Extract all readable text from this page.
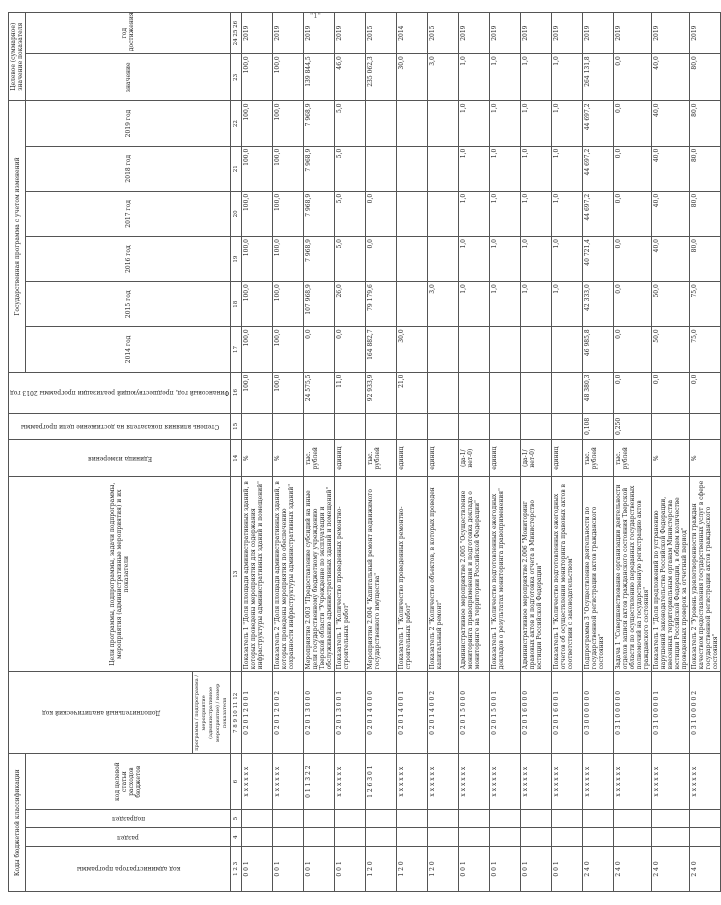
"1"
Коды бюджетной классификации				Дополнительный аналитический код	Цели программы, подпрограммы, задачи подпрограммы, мероприятия (административные мероприятия) и их показатели	Единица измерения	Степень влияния показателя на достижение цели программы	Финансовый год, предшествующий реализации программы 2013 год	Государственная программа с учетом изменений						Целевое (суммарное) значение показателя	

код администратора программы	раздел	подраздел	код целевой статьи расходов бюджетов						2014 год	2015 год	2016 год	2017 год	2018 год	2019 год	значение	год достижения
				программа / подпрограмма / мероприятие (административное мероприятие) / номер показателя												
1 2 3	4	5	6	7 8 9 10 11 12	13	14	15	16	17	18	19	20	21	22	23	24 25 26
0 0 1			x x x x x x	0 2 0 1 2 0 0 1	Показатель 1 "Доля площади административных зданий, в которых проведены мероприятия для содержания инфраструктуры административных зданий и помещений"	%		100,0	100,0	100,0	100,0	100,0	100,0	100,0	100,0	2019
0 0 1			x x x x x x	0 2 0 1 2 0 0 2	Показатель 2 "Доля площади административных зданий, в которых проведены мероприятия по обеспечению сохранности инфраструктуры административных зданий"	%		100,0	100,0	100,0	100,0	100,0	100,0	100,0	100,0	2019
0 0 1			0 1 1 3 2 2	0 2 0 1 3 0 0 0	Мероприятие 2.003 "Предоставление субсидий на иные цели государственному бюджетному учреждению Тверской области "Учреждение по эксплуатации и обслуживанию административных зданий и помещений"	тыс. рублей		24 575,5	0,0	107 968,9	7 968,9	7 968,9	7 968,9	7 968,9	139 844,5	2019
0 0 1			x x x x x x	0 2 0 1 3 0 0 1	Показатель 1 "Количество проведенных ремонтно-строительных работ"	единиц		11,0	0,0	26,0	5,0	5,0	5,0	5,0	46,0	2019
1 2 0			1 2 6 3 0 1	0 2 0 1 4 0 0 0	Мероприятие 2.004 "Капитальный ремонт недвижимого государственного имущества"	тыс. рублей		92 933,9	164 882,7	79 179,6	0,0	0,0			235 062,3	2015
1 2 0			x x x x x x	0 2 0 1 4 0 0 1	Показатель 1 "Количество проведенных ремонтно-строительных работ"	единиц		21,0	30,0						30,0	2014
1 2 0			x x x x x x	0 2 0 1 4 0 0 2	Показатель 2 "Количество объектов, в которых проведен капитальный ремонт"	единиц				3,0					3,0	2015
0 0 1			x x x x x x	0 2 0 1 5 0 0 0	Административное мероприятие 2.005 "Осуществление мониторинга правоприменения и подготовка доклада о мониторинге на территории Российской Федерации"	(да-1/нет-0)				1,0	1,0	1,0	1,0	1,0	1,0	2019
0 0 1			x x x x x x	0 2 0 1 5 0 0 1	Показатель 1 "Количество подготовленных ежегодных докладов о результатах мониторинга правоприменения"	единиц				1,0	1,0	1,0	1,0	1,0	1,0	2019
0 0 1			x x x x x x	0 2 0 1 6 0 0 0	Административное мероприятие 2.006 "Мониторинг правовых актов и подготовка отчета в Министерство юстиции Российской Федерации"	(да-1/нет-0)				1,0	1,0	1,0	1,0	1,0	1,0	2019
0 0 1			x x x x x x	0 2 0 1 6 0 0 1	Показатель 1 "Количество подготовленных ежегодных отчетов об осуществлении мониторинга правовых актов в соответствии с законодательством"	единиц				1,0	1,0	1,0	1,0	1,0	1,0	2019
2 4 0			x x x x x x	0 3 0 0 0 0 0 0	Подпрограмма 3 "Осуществление деятельности по государственной регистрации актов гражданского состояния"	тыс. рублей	0,108	48 380,3	46 985,8	42 333,0	40 721,4	44 697,2	44 697,2	44 697,2	264 131,8	2019
2 4 0			x x x x x x	0 3 1 0 0 0 0 0	Задача 1 "Совершенствование организации деятельности отделов записи актов гражданского состояния Тверской области по осуществлению переданных государственных полномочий на государственную регистрацию актов гражданского состояния"	тыс. рублей	0,250	0,0	0,0	0,0	0,0	0,0	0,0	0,0	0,0	2019
2 4 0			x x x x x x	0 3 1 0 0 0 0 1	Показатель 1 "Доля предложений по устранению нарушений законодательства Российской Федерации, внесенных территориальным органам Министерства юстиции Российской Федерации, в общем количестве проведенных проверок за отчетный период"	%		0,0	50,0	50,0	40,0	40,0	40,0	40,0	40,0	2019
2 4 0			x x x x x x	0 3 1 0 0 0 0 2	Показатель 2 "Уровень удовлетворенности граждан качеством предоставления государственных услуг в сфере государственной регистрации актов гражданского состояния"	%		0,0	75,0	75,0	80,0	80,0	80,0	80,0	80,0	2019
